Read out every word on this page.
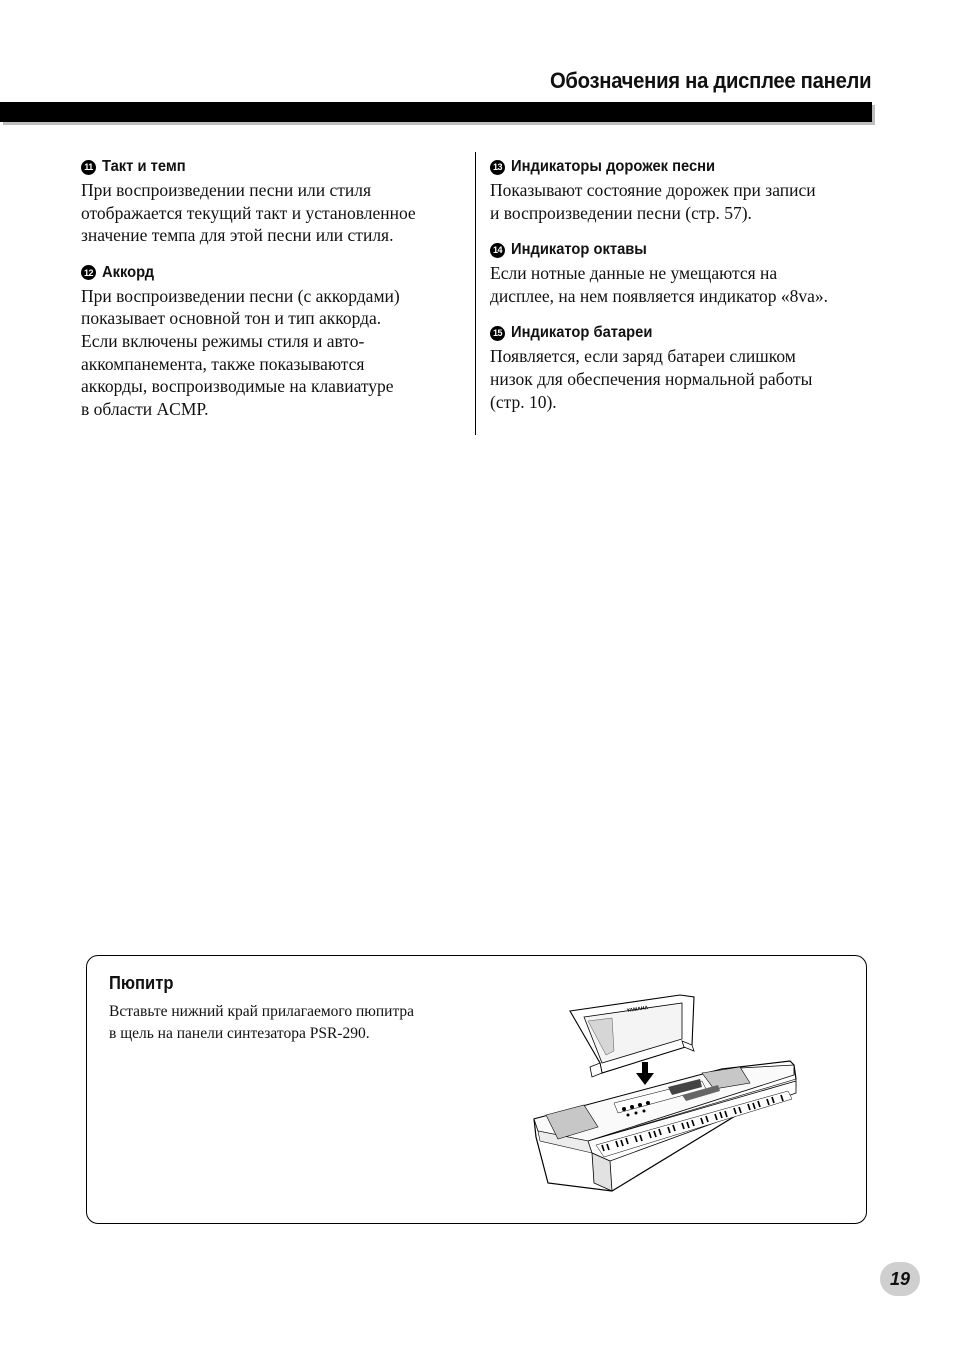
Обозначения на дисплее панели
11 Такт и темп
При воспроизведении песни или стиля
отображается текущий такт и установленное
значение темпа для этой песни или стиля.
12 Аккорд
При воспроизведении песни (с аккордами)
показывает основной тон и тип аккорда.
Если включены режимы стиля и авто-
аккомпанемента, также показываются
аккорды, воспроизводимые на клавиатуре
в области ACMP.
13 Индикаторы дорожек песни
Показывают состояние дорожек при записи
и воспроизведении песни (стр. 57).
14 Индикатор октавы
Если нотные данные не умещаются на
дисплее, на нем появляется индикатор «8va».
15 Индикатор батареи
Появляется, если заряд батареи слишком
низок для обеспечения нормальной работы
(стр. 10).
Пюпитр
Вставьте нижний край прилагаемого пюпитра
в щель на панели синтезатора PSR-290.
YAMAHA
19
